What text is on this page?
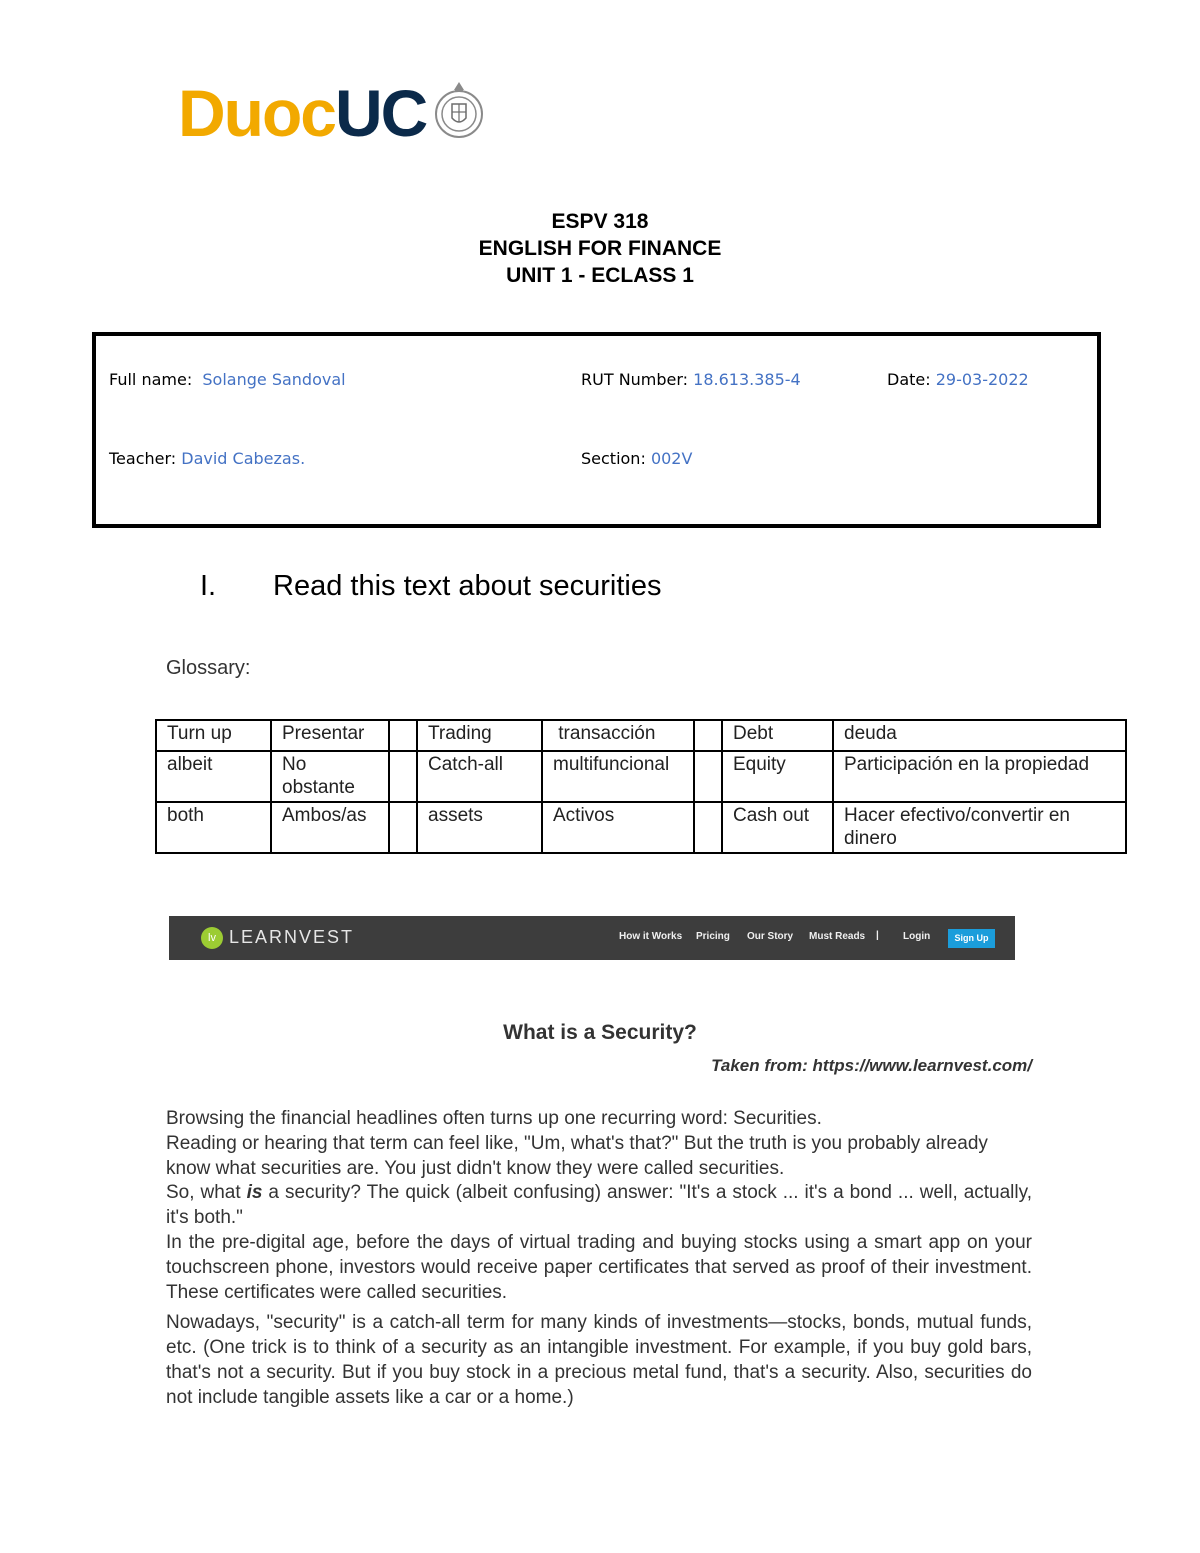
DuocUC
ESPV 318
ENGLISH FOR FINANCE
UNIT 1 - ECLASS 1
Full name: Solange Sandoval	RUT Number: 18.613.385-4	Date: 29-03-2022
Teacher: David Cabezas.	Section: 002V
I. Read this text about securities
Glossary:
Turn up	Presentar		Trading	transacción		Debt	deuda
albeit	No obstante		Catch-all	multifuncional		Equity	Participación en la propiedad
both	Ambos/as		assets	Activos		Cash out	Hacer efectivo/convertir en dinero
lv LEARNVEST	How it Works Pricing Our Story Must Reads | Login	Sign Up
What is a Security?
Taken from: https://www.learnvest.com/

Browsing the financial headlines often turns up one recurring word: Securities.

Reading or hearing that term can feel like, "Um, what's that?" But the truth is you probably already know what securities are. You just didn't know they were called securities.

So, what is a security? The quick (albeit confusing) answer: "It's a stock ... it's a bond ... well, actually, it's both."

In the pre-digital age, before the days of virtual trading and buying stocks using a smart app on your touchscreen phone, investors would receive paper certificates that served as proof of their investment. These certificates were called securities.

Nowadays, "security" is a catch-all term for many kinds of investments—stocks, bonds, mutual funds, etc. (One trick is to think of a security as an intangible investment. For example, if you buy gold bars, that's not a security. But if you buy stock in a precious metal fund, that's a security. Also, securities do not include tangible assets like a car or a home.)
